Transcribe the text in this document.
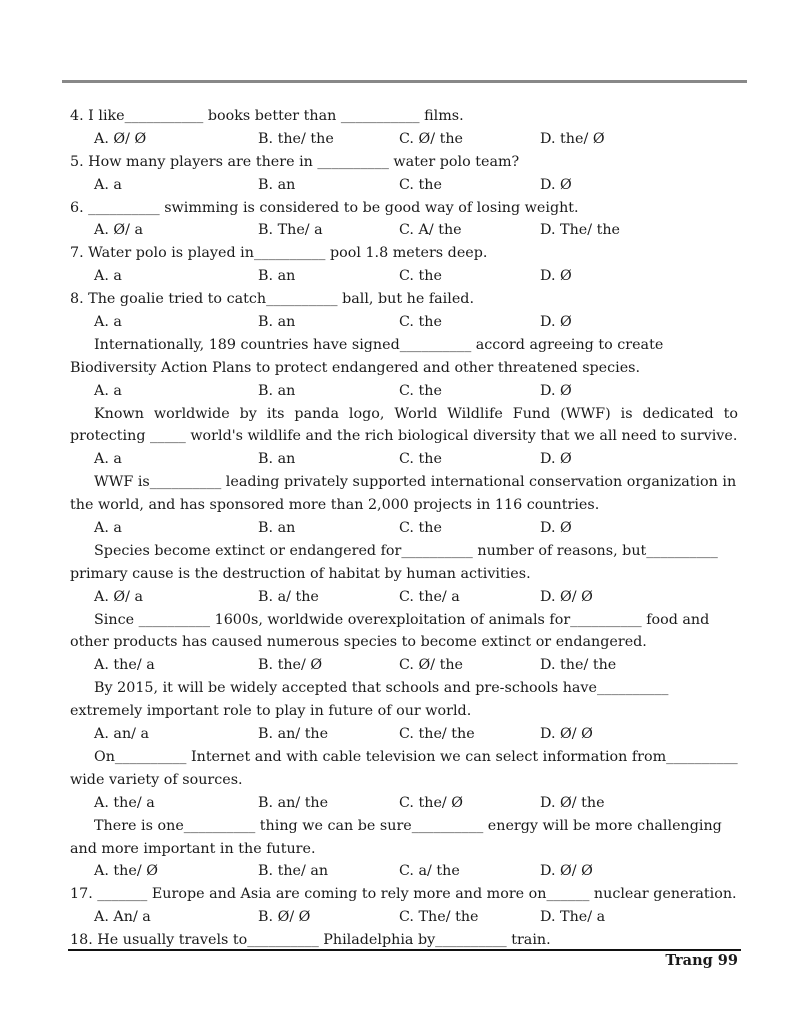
4. I like___________ books better than ___________ films.
A. Ø/ Ø	B. the/ the	C. Ø/ the	D. the/ Ø
5. How many players are there in __________ water polo team?
A. a	B. an	C. the	D. Ø
6. __________ swimming is considered to be good way of losing weight.
A. Ø/ a	B. The/ a	C. A/ the	D. The/ the
7. Water polo is played in__________ pool 1.8 meters deep.
A. a	B. an	C. the	D. Ø
8. The goalie tried to catch__________ ball, but he failed.
A. a	B. an	C. the	D. Ø
Internationally, 189 countries have signed__________ accord agreeing to create
Biodiversity Action Plans to protect endangered and other threatened species.
A. a	B. an	C. the	D. Ø
Known worldwide by its panda logo, World Wildlife Fund (WWF) is dedicated to
protecting _____ world's wildlife and the rich biological diversity that we all need to survive.
A. a	B. an	C. the	D. Ø
WWF is__________ leading privately supported international conservation organization in
the world, and has sponsored more than 2,000 projects in 116 countries.
A. a	B. an	C. the	D. Ø
Species become extinct or endangered for__________ number of reasons, but__________
primary cause is the destruction of habitat by human activities.
A. Ø/ a	B. a/ the	C. the/ a	D. Ø/ Ø
Since __________ 1600s, worldwide overexploitation of animals for__________ food and
other products has caused numerous species to become extinct or endangered.
A. the/ a	B. the/ Ø	C. Ø/ the	D. the/ the
By 2015, it will be widely accepted that schools and pre-schools have__________
extremely important role to play in future of our world.
A. an/ a	B. an/ the	C. the/ the	D. Ø/ Ø
On__________ Internet and with cable television we can select information from__________
wide variety of sources.
A. the/ a	B. an/ the	C. the/ Ø	D. Ø/ the
There is one__________ thing we can be sure__________ energy will be more challenging
and more important in the future.
A. the/ Ø	B. the/ an	C. a/ the	D. Ø/ Ø
17. _______ Europe and Asia are coming to rely more and more on______ nuclear generation.
A. An/ a	B. Ø/ Ø	C. The/ the	D. The/ a
18. He usually travels to__________ Philadelphia by__________ train.
Trang 99
